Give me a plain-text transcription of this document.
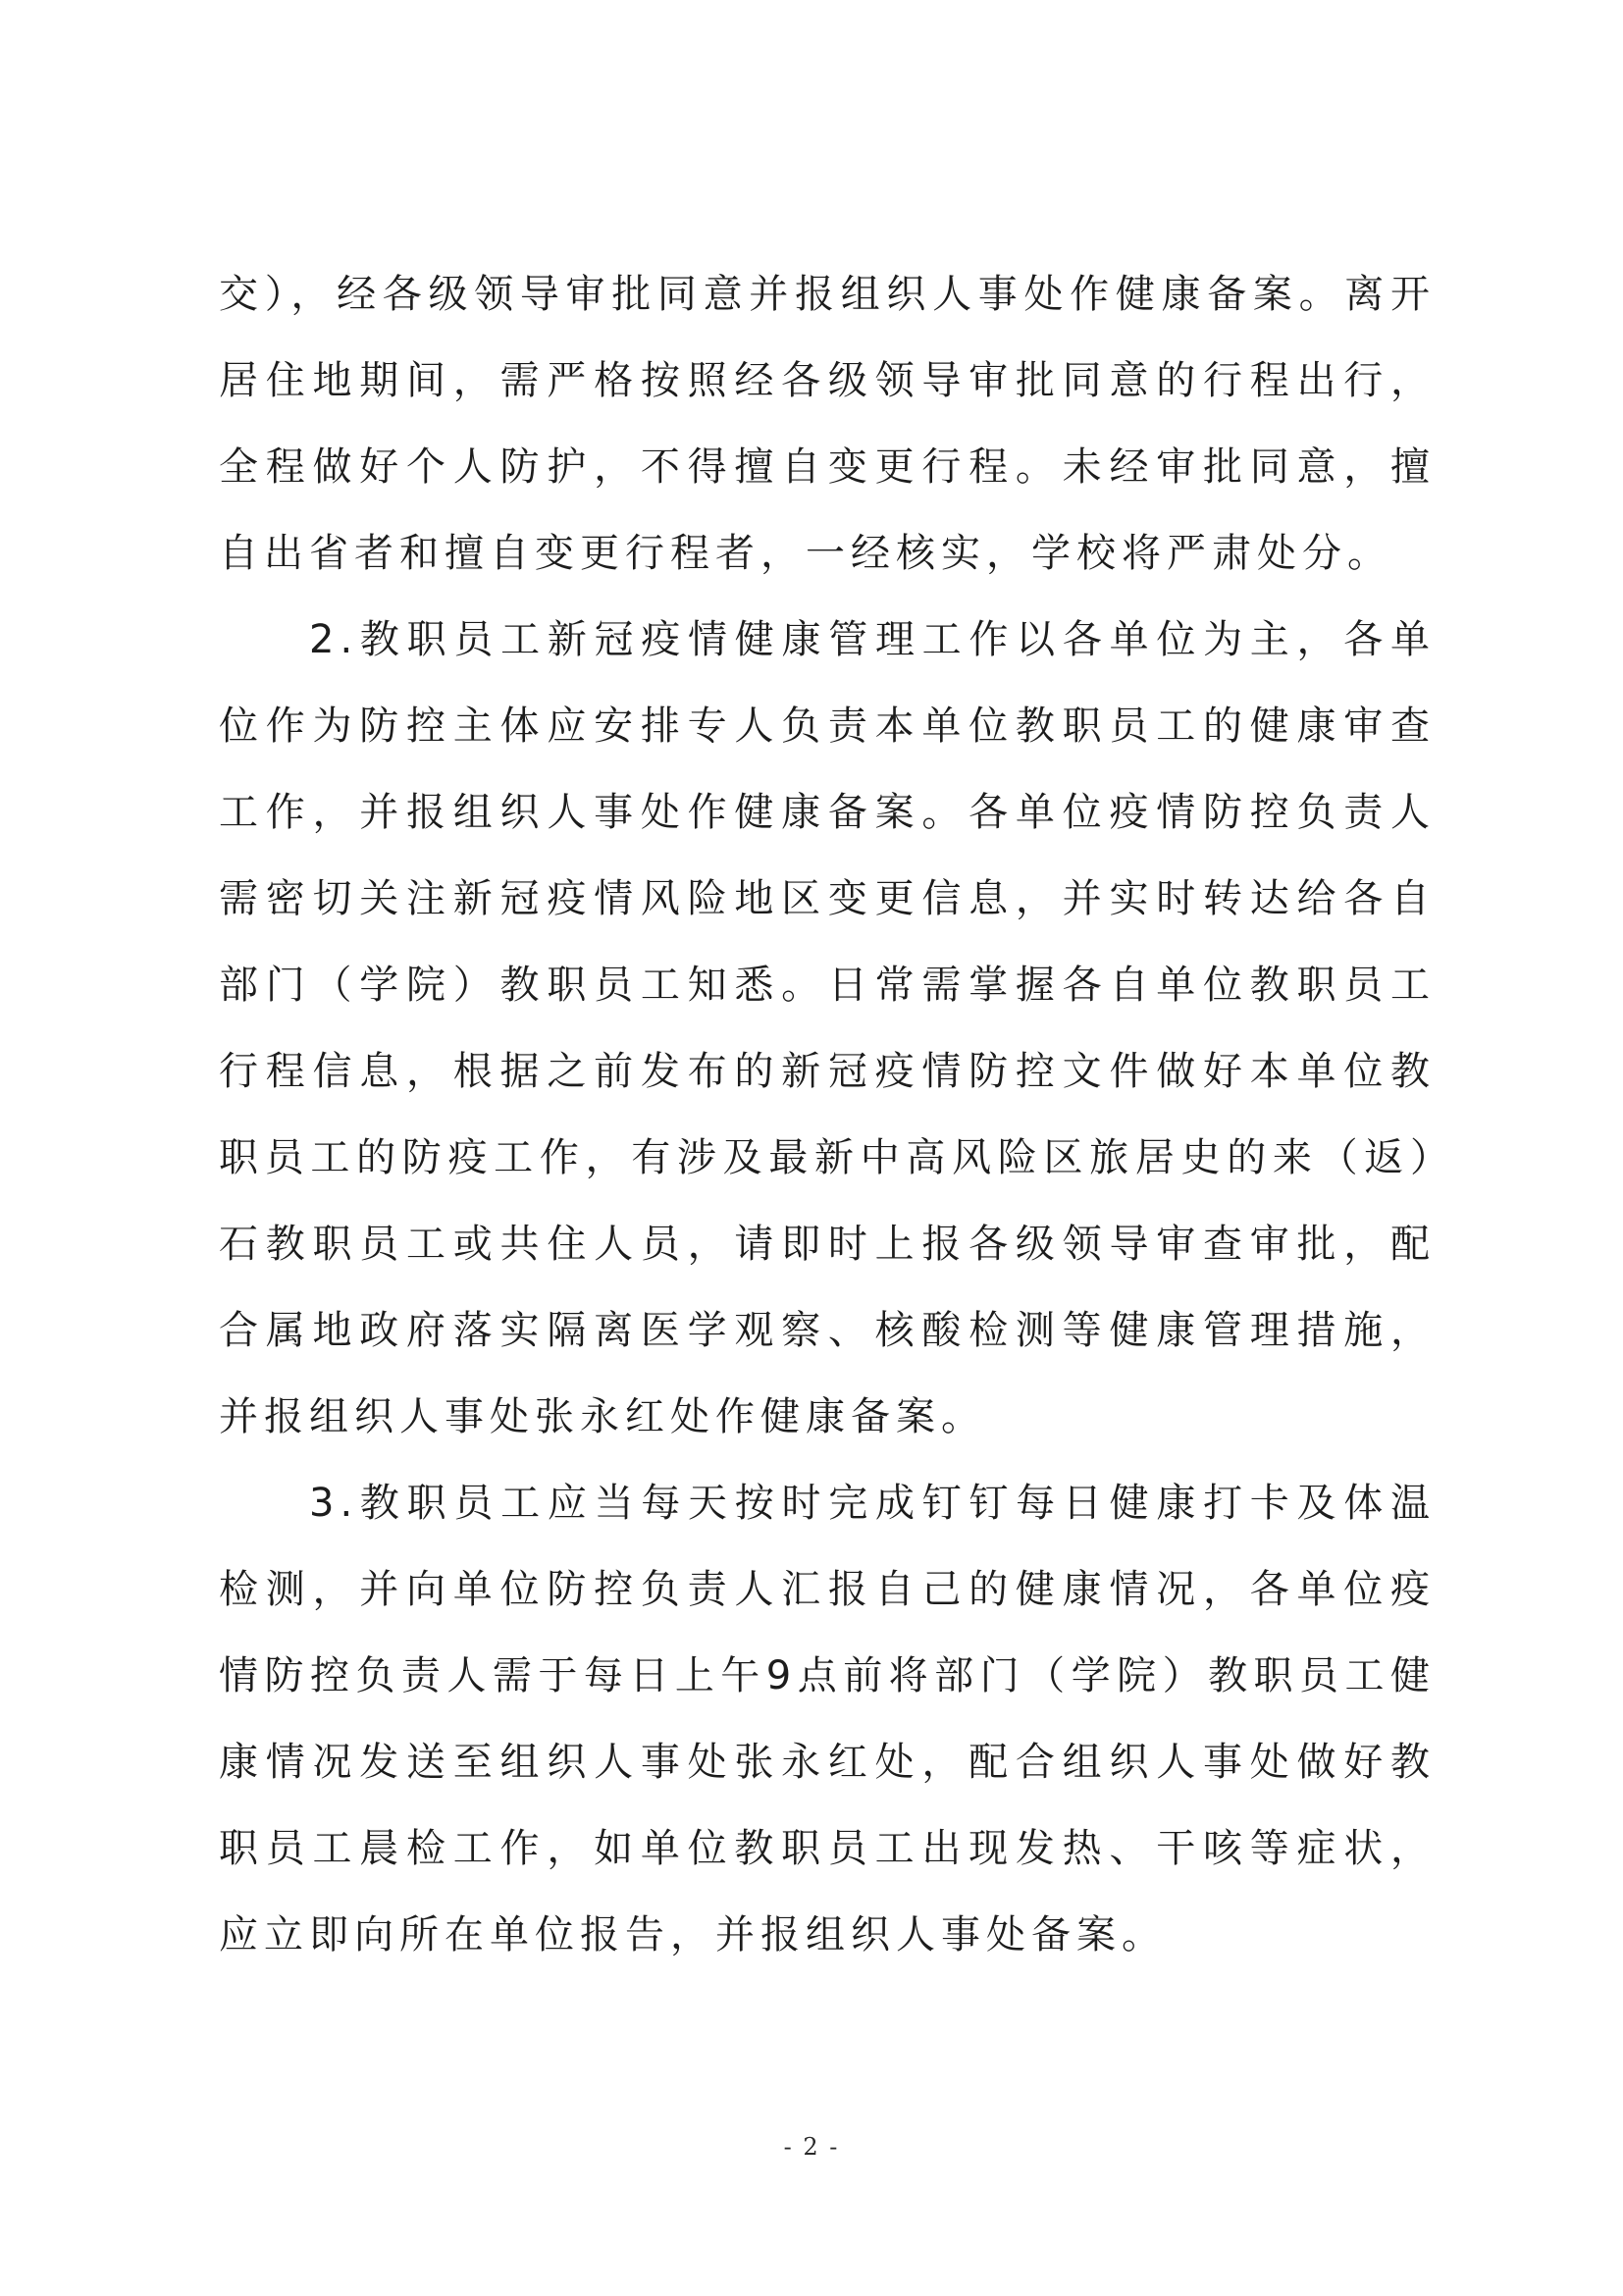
交），经各级领导审批同意并报组织人事处作健康备案。离开居住地期间，需严格按照经各级领导审批同意的行程出行，全程做好个人防护，不得擅自变更行程。未经审批同意，擅自出省者和擅自变更行程者，一经核实，学校将严肃处分。

2.教职员工新冠疫情健康管理工作以各单位为主，各单位作为防控主体应安排专人负责本单位教职员工的健康审查工作，并报组织人事处作健康备案。各单位疫情防控负责人需密切关注新冠疫情风险地区变更信息，并实时转达给各自部门（学院）教职员工知悉。日常需掌握各自单位教职员工行程信息，根据之前发布的新冠疫情防控文件做好本单位教职员工的防疫工作，有涉及最新中高风险区旅居史的来（返）石教职员工或共住人员，请即时上报各级领导审查审批，配合属地政府落实隔离医学观察、核酸检测等健康管理措施，并报组织人事处张永红处作健康备案。

3.教职员工应当每天按时完成钉钉每日健康打卡及体温检测，并向单位防控负责人汇报自己的健康情况，各单位疫情防控负责人需于每日上午9点前将部门（学院）教职员工健康情况发送至组织人事处张永红处，配合组织人事处做好教职员工晨检工作，如单位教职员工出现发热、干咳等症状，应立即向所在单位报告，并报组织人事处备案。

- 2 -
